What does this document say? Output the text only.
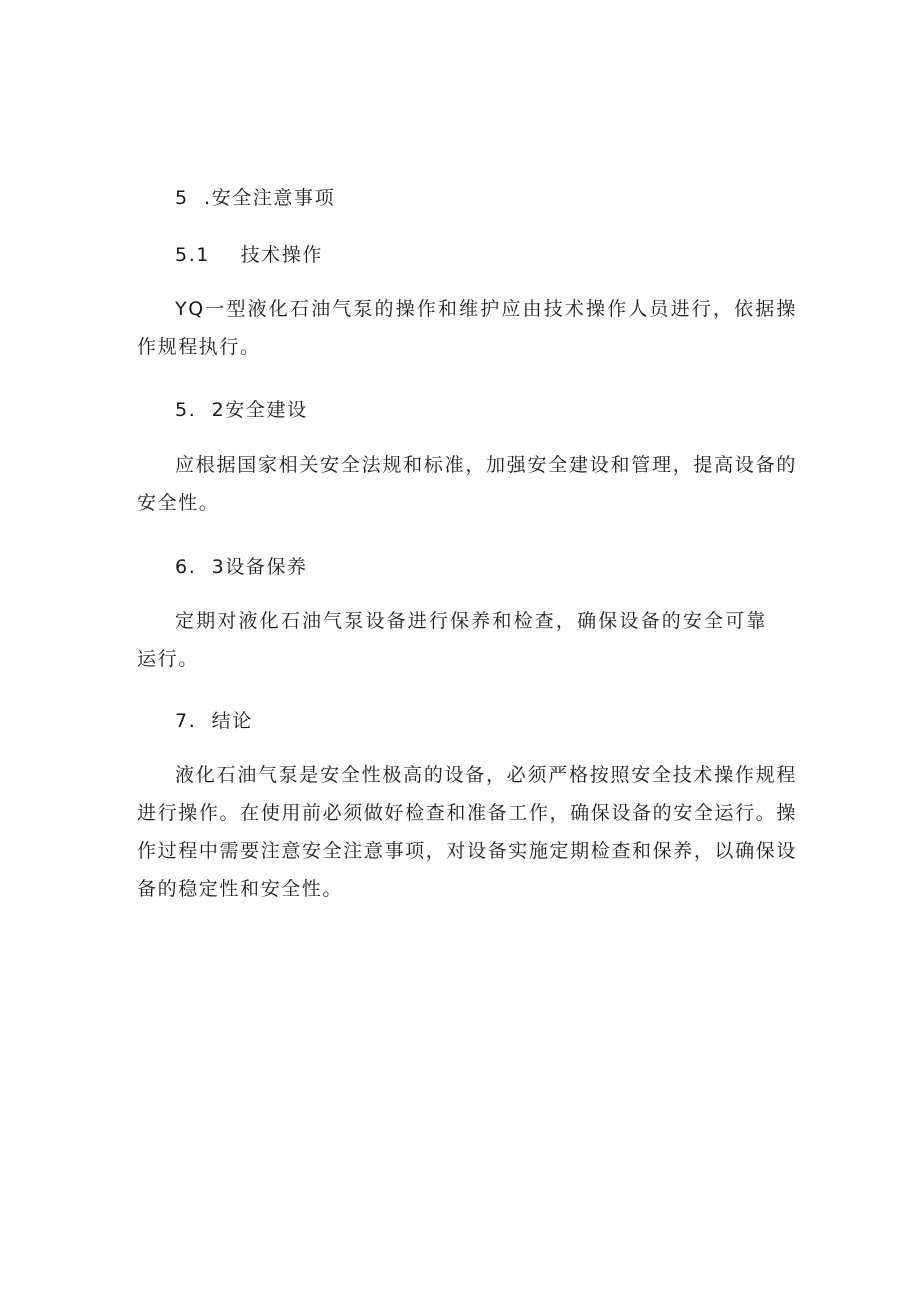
5  .安全注意事项
5.1    技术操作
YQ一型液化石油气泵的操作和维护应由技术操作人员进行，依据操作规程执行。
5.  2安全建设
应根据国家相关安全法规和标准，加强安全建设和管理，提高设备的安全性。
6.  3设备保养
定期对液化石油气泵设备进行保养和检查，确保设备的安全可靠运行。
7.  结论
液化石油气泵是安全性极高的设备，必须严格按照安全技术操作规程进行操作。在使用前必须做好检查和准备工作，确保设备的安全运行。操作过程中需要注意安全注意事项，对设备实施定期检查和保养，以确保设备的稳定性和安全性。
